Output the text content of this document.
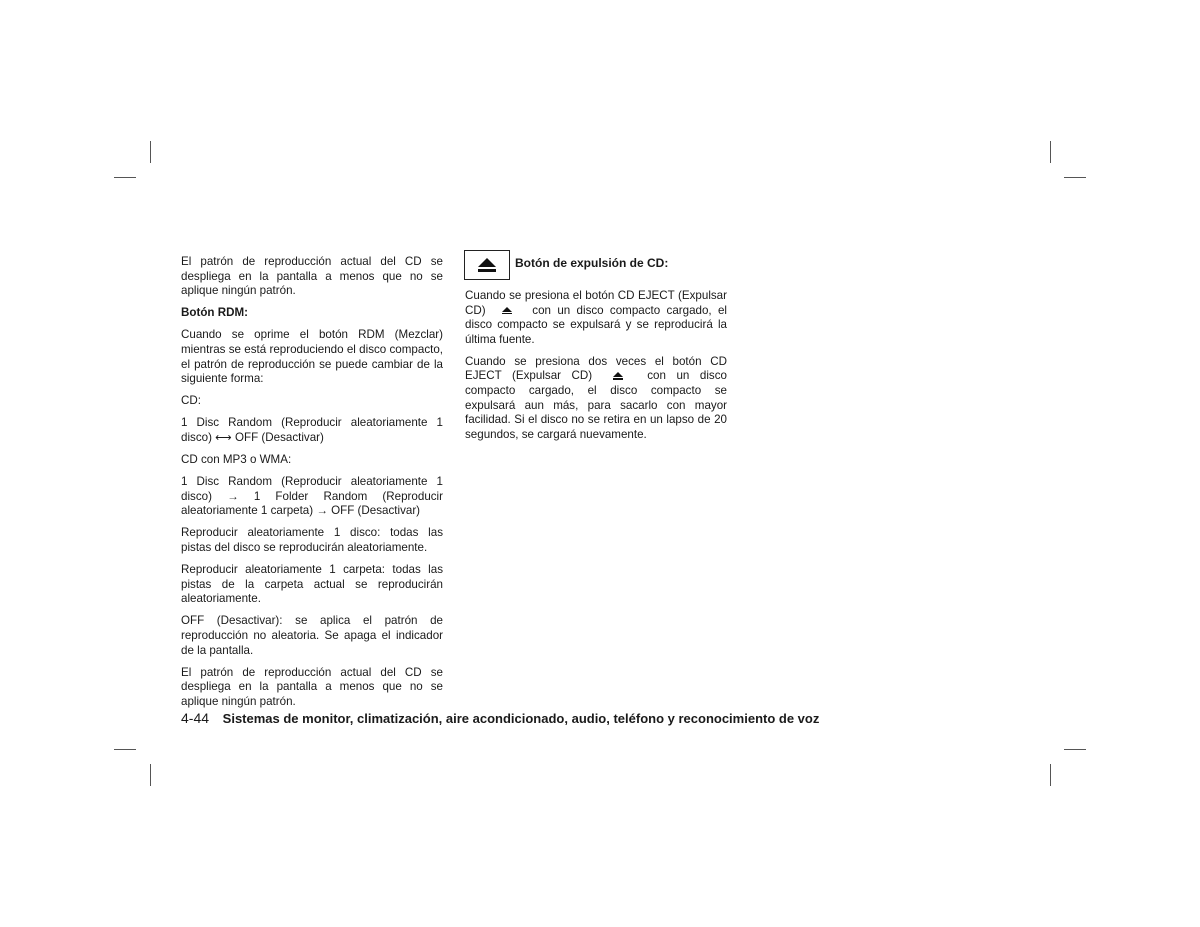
El patrón de reproducción actual del CD se despliega en la pantalla a menos que no se aplique ningún patrón.

Botón RDM:

Cuando se oprime el botón RDM (Mezclar) mientras se está reproduciendo el disco compacto, el patrón de reproducción se puede cambiar de la siguiente forma:

CD:

1 Disc Random (Reproducir aleatoriamente 1 disco) ⟷ OFF (Desactivar)

CD con MP3 o WMA:

1 Disc Random (Reproducir aleatoriamente 1 disco) → 1 Folder Random (Reproducir aleatoriamente 1 carpeta) → OFF (Desactivar)

Reproducir aleatoriamente 1 disco: todas las pistas del disco se reproducirán aleatoriamente.

Reproducir aleatoriamente 1 carpeta: todas las pistas de la carpeta actual se reproducirán aleatoriamente.

OFF (Desactivar): se aplica el patrón de reproducción no aleatoria. Se apaga el indicador de la pantalla.

El patrón de reproducción actual del CD se despliega en la pantalla a menos que no se aplique ningún patrón.

Botón de expulsión de CD:

Cuando se presiona el botón CD EJECT (Expulsar CD)	con un disco compacto cargado, el disco compacto se expulsará y se reproducirá la última fuente.

Cuando se presiona dos veces el botón CD EJECT (Expulsar CD)	con un disco compacto cargado, el disco compacto se expulsará aun más, para sacarlo con mayor facilidad. Si el disco no se retira en un lapso de 20 segundos, se cargará nuevamente.

4-44 Sistemas de monitor, climatización, aire acondicionado, audio, teléfono y reconocimiento de voz
